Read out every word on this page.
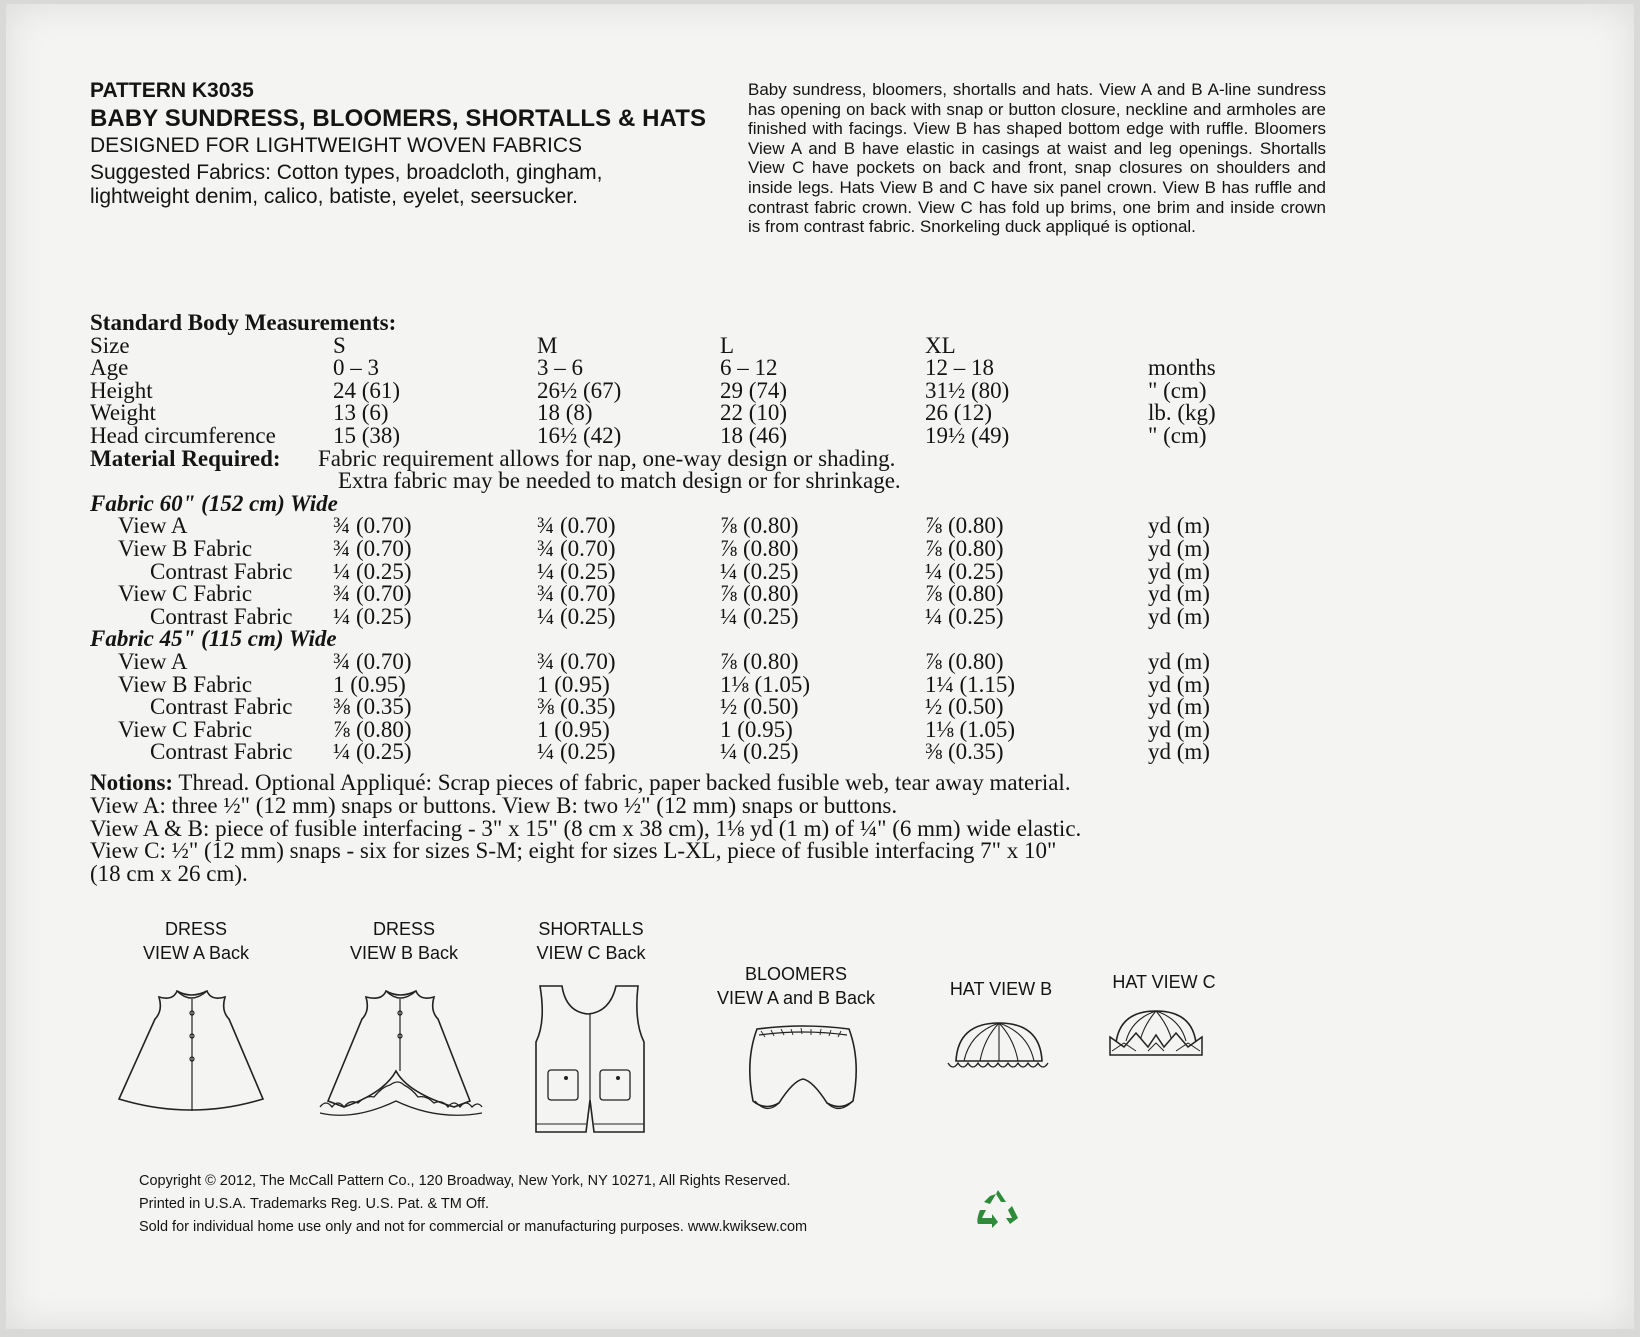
PATTERN K3035
BABY SUNDRESS, BLOOMERS, SHORTALLS & HATS
DESIGNED FOR LIGHTWEIGHT WOVEN FABRICS
Suggested Fabrics: Cotton types, broadcloth, gingham,
lightweight denim, calico, batiste, eyelet, seersucker.
Baby sundress, bloomers, shortalls and hats. View A and B A-line sundress has opening on back with snap or button closure, neckline and armholes are finished with facings. View B has shaped bottom edge with ruffle. Bloomers View A and B have elastic in casings at waist and leg openings. Shortalls View C have pockets on back and front, snap closures on shoulders and inside legs. Hats View B and C have six panel crown. View B has ruffle and contrast fabric crown. View C has fold up brims, one brim and inside crown is from contrast fabric. Snorkeling duck appliqué is optional.
Standard Body Measurements:
Size	S	M	L	XL
Age	0 – 3	3 – 6	6 – 12	12 – 18	months
Height	24 (61)	26½ (67)	29 (74)	31½ (80)	" (cm)
Weight	13 (6)	18 (8)	22 (10)	26 (12)	lb. (kg)
Head circumference 15 (38)	16½ (42)	18 (46)	19½ (49)	" (cm)
Material Required: Fabric requirement allows for nap, one-way design or shading.
Extra fabric may be needed to match design or for shrinkage.
Fabric 60" (152 cm) Wide
View A	¾ (0.70)	¾ (0.70)	⅞ (0.80)	⅞ (0.80)	yd (m)
View B Fabric	¾ (0.70)	¾ (0.70)	⅞ (0.80)	⅞ (0.80)	yd (m)
Contrast Fabric ¼ (0.25)	¼ (0.25)	¼ (0.25)	¼ (0.25)	yd (m)
View C Fabric	¾ (0.70)	¾ (0.70)	⅞ (0.80)	⅞ (0.80)	yd (m)
Contrast Fabric ¼ (0.25)	¼ (0.25)	¼ (0.25)	¼ (0.25)	yd (m)
Fabric 45" (115 cm) Wide
View A	¾ (0.70)	¾ (0.70)	⅞ (0.80)	⅞ (0.80)	yd (m)
View B Fabric	1 (0.95)	1 (0.95)	1⅛ (1.05)	1¼ (1.15)	yd (m)
Contrast Fabric ⅜ (0.35)	⅜ (0.35)	½ (0.50)	½ (0.50)	yd (m)
View C Fabric	⅞ (0.80)	1 (0.95)	1 (0.95)	1⅛ (1.05)	yd (m)
Contrast Fabric ¼ (0.25)	¼ (0.25)	¼ (0.25)	⅜ (0.35)	yd (m)
Notions: Thread. Optional Appliqué: Scrap pieces of fabric, paper backed fusible web, tear away material.
View A: three ½" (12 mm) snaps or buttons. View B: two ½" (12 mm) snaps or buttons.
View A & B: piece of fusible interfacing - 3" x 15" (8 cm x 38 cm), 1⅛ yd (1 m) of ¼" (6 mm) wide elastic.
View C: ½" (12 mm) snaps - six for sizes S-M; eight for sizes L-XL, piece of fusible interfacing 7" x 10"
(18 cm x 26 cm).
DRESS
VIEW A Back
DRESS
VIEW B Back
SHORTALLS
VIEW C Back
BLOOMERS
VIEW A and B Back	HAT VIEW B	HAT VIEW C
Copyright © 2012, The McCall Pattern Co., 120 Broadway, New York, NY 10271, All Rights Reserved.
Printed in U.S.A. Trademarks Reg. U.S. Pat. & TM Off.
Sold for individual home use only and not for commercial or manufacturing purposes. www.kwiksew.com
